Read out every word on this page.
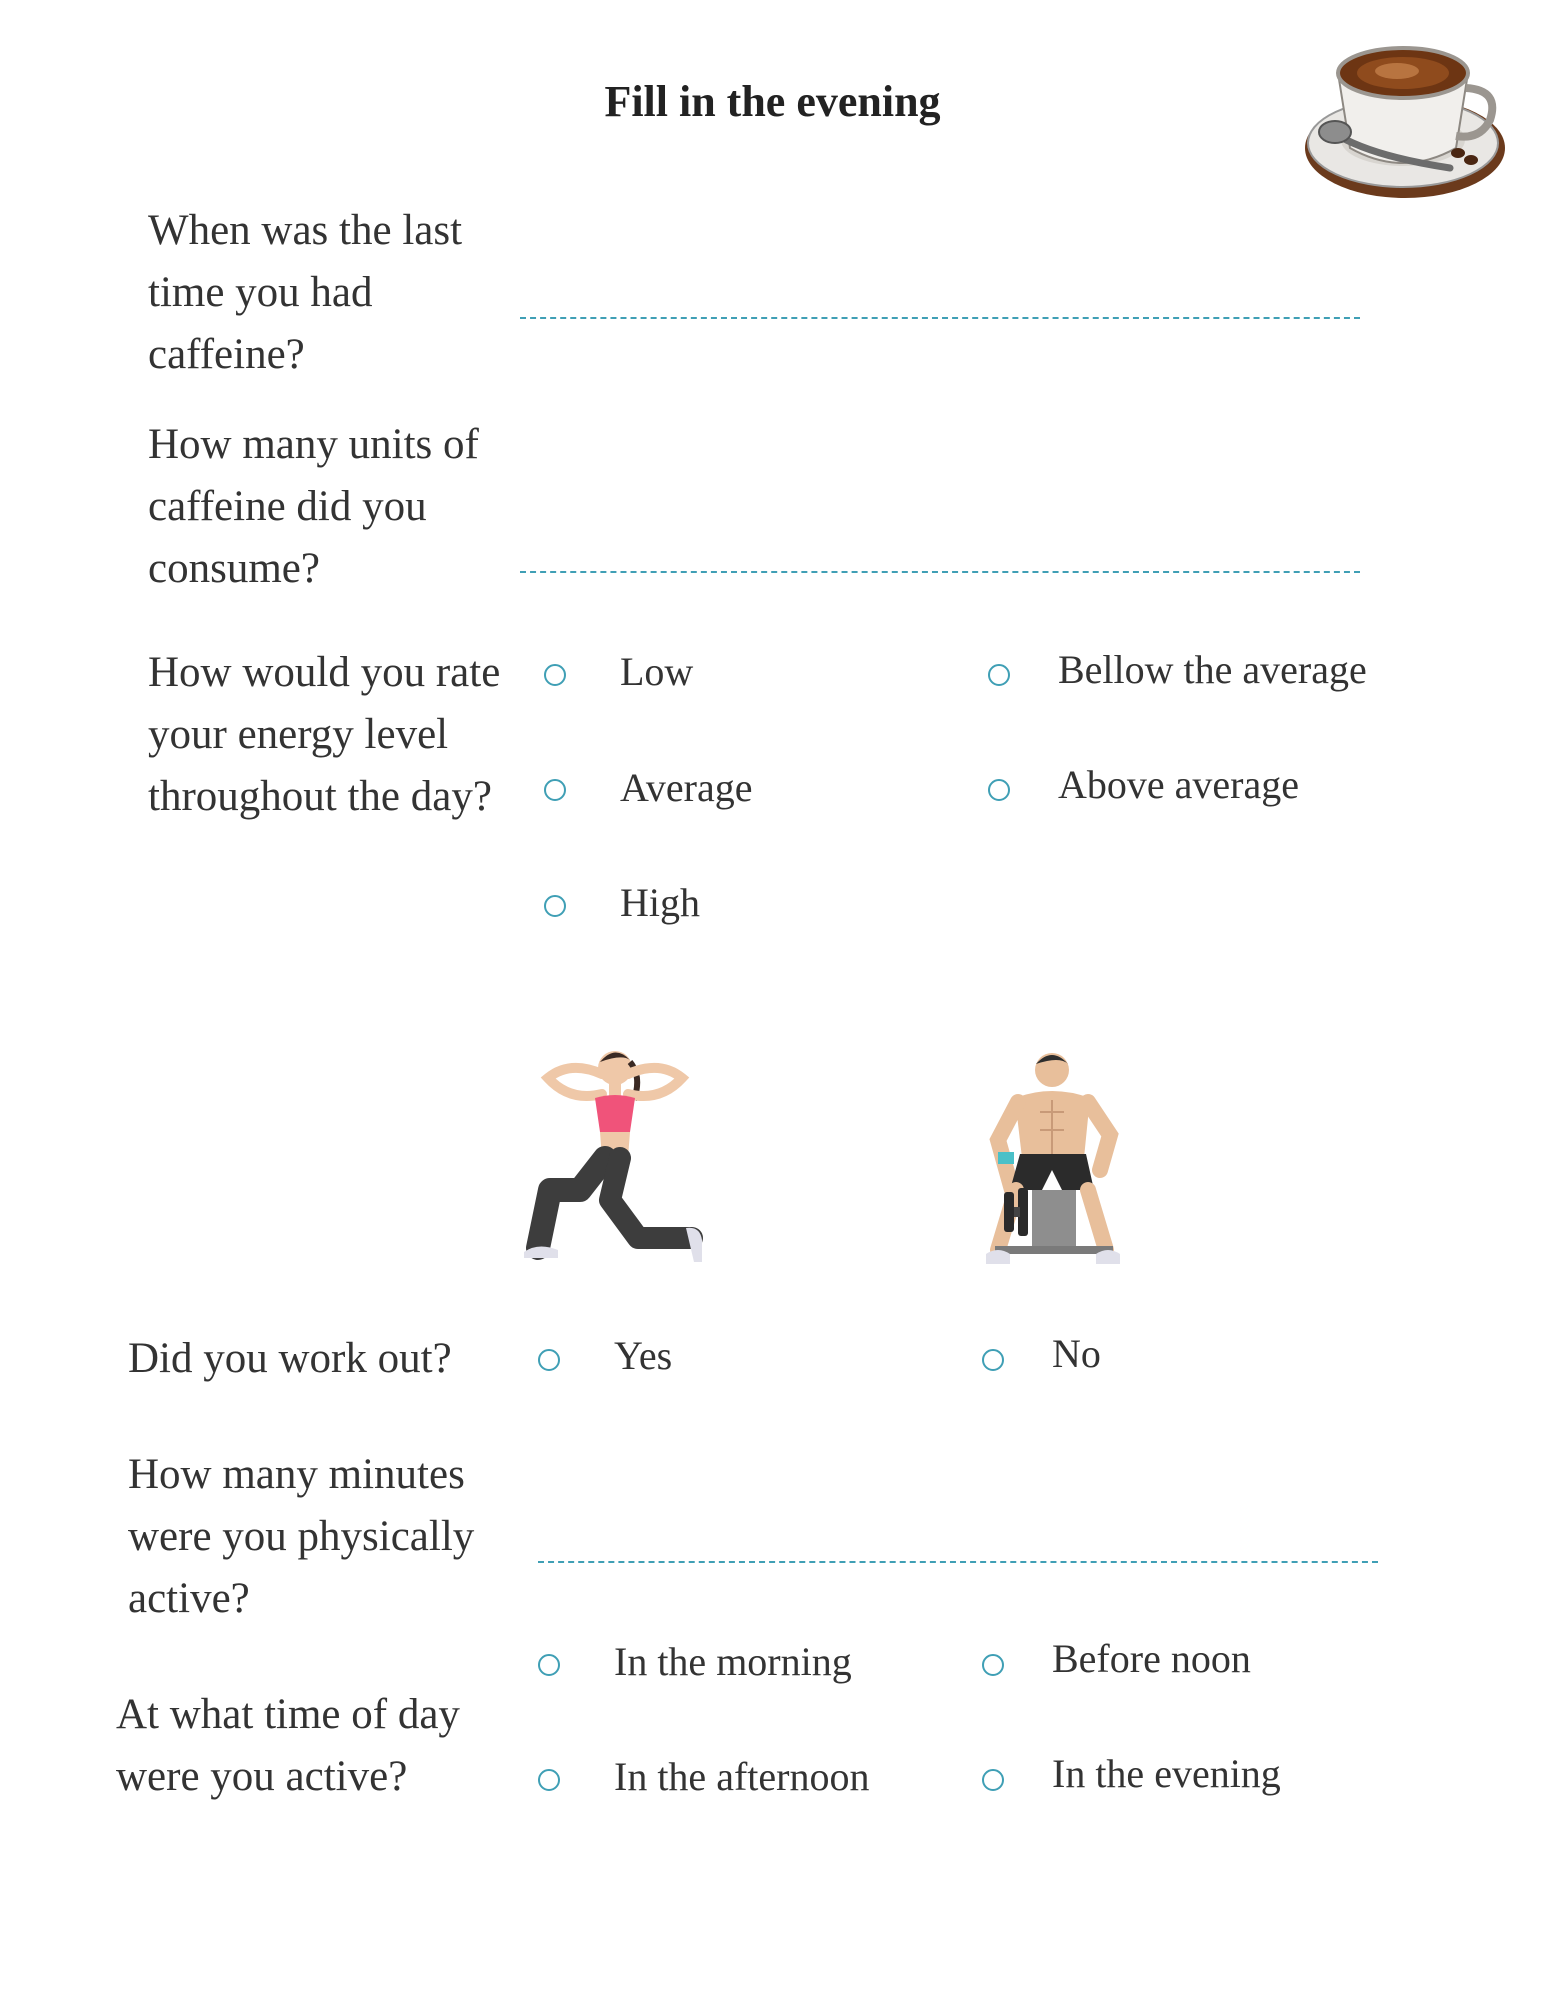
Fill in the evening
When was the last
time you had
caffeine?
How many units of
caffeine did you
consume?
How would you rate
your energy level
throughout the day?
Low	Bellow the average
Average	Above average
High
Did you work out?	Yes	No
How many minutes
were you physically
active?
At what time of day
were you active?
In the morning	Before noon
In the afternoon	In the evening
